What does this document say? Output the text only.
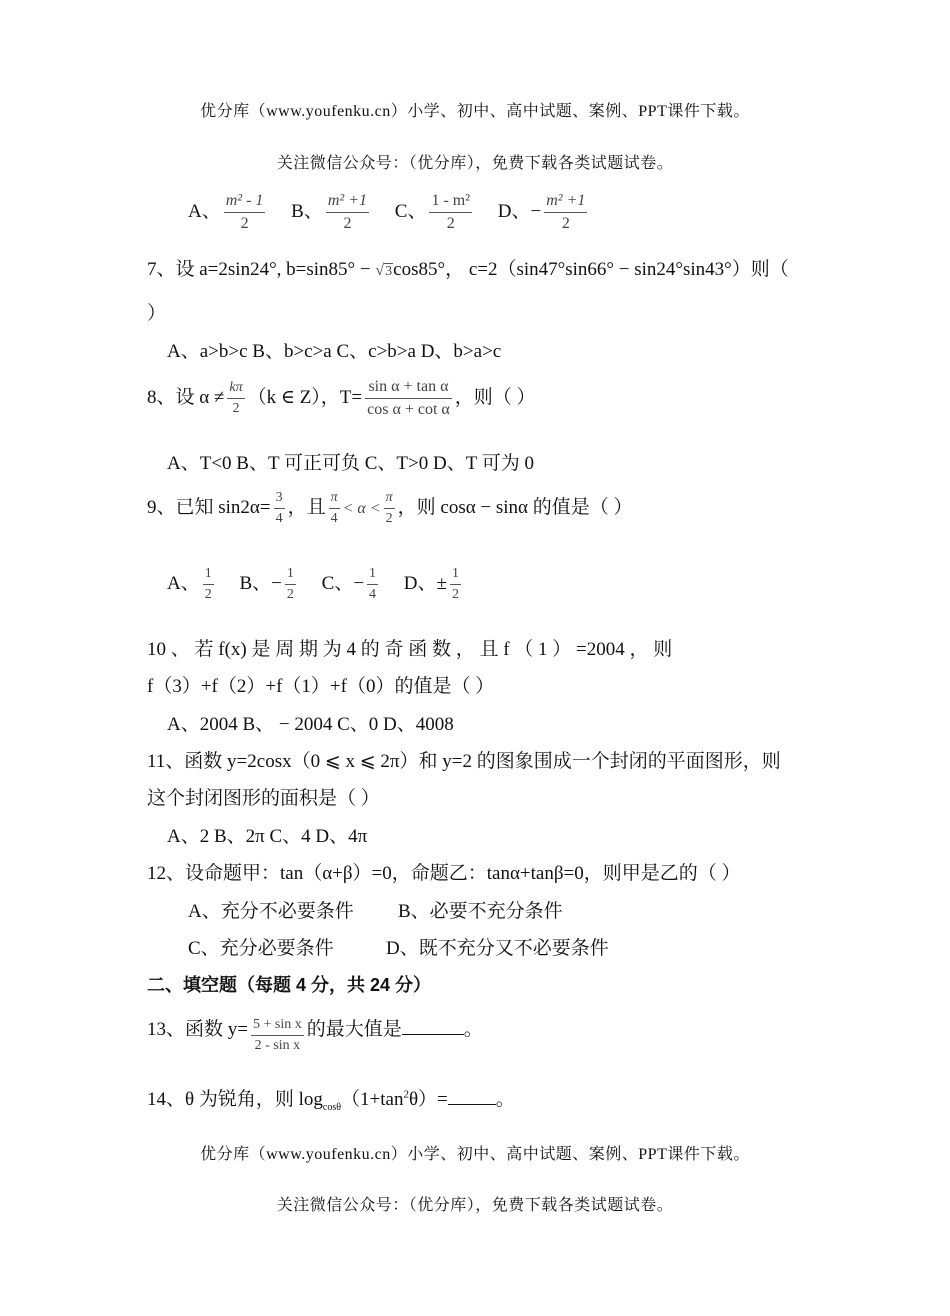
优分库（www.youfenku.cn）小学、初中、高中试题、案例、PPT课件下载。
关注微信公众号：（优分库），免费下载各类试题试卷。
A、 $\frac{\text{m² - 1}}{2}$ B、 $\frac{\text{m² +1}}{2}$ C、 $\frac{\text{1 - m²}}{2}$ D、− $\frac{\text{m² +1}}{2}$
7、设 a=2sin24°, b=sin85° − √3cos85°， c=2（sin47°sin66° − sin24°sin43°）则（
）
A、a>b>c B、b>c>a C、c>b>a D、b>a>c
8、设 $\alpha \ne \frac{k\pi}{2} (k$ ∈ Z），$T= \frac{\text{sin α + tan α}}{\text{cos α + cot α}}$ ，则（ ）
A、T<0 B、T 可正可负 C、T>0 D、T 可为 0
9、已知 $\sin 2\alpha= \frac{3}{4}$ ，且 $\frac{\pi}{4} < \alpha < \frac{\pi}{2}$ ，则 cosα − sinα 的值是（ ）
A、 $\frac{1}{2}$ B、− $\frac{1}{2}$ C、− $\frac{1}{4}$ D、± $\frac{1}{2}$
10 、 若 f(x) 是 周 期 为 4 的 奇 函 数 ， 且 f （ 1 ） =2004 ， 则
f（3）+f（2）+f（1）+f（0）的值是（ ）
A、2004 B、 − 2004 C、0 D、4008
11、函数 y=2cosx（0 ⩽ x ⩽ 2π）和 y=2 的图象围成一个封闭的平面图形，则
这个封闭图形的面积是（ ）
A、2 B、2π C、4 D、4π
12、设命题甲：tan（α+β）=0，命题乙：tanα+tanβ=0，则甲是乙的（ ）
A、充分不必要条件 B、必要不充分条件
C、充分必要条件	D、既不充分又不必要条件
二、填空题（每题 4 分，共 24 分）
13、函数 $y= \frac{\text{5 + sin x}}{\text{2 - sin x}}$ 的最大值是	。
14、θ 为锐角，则 $\log_{cos\theta}(1+\tan^2\theta)=$	。
优分库（www.youfenku.cn）小学、初中、高中试题、案例、PPT课件下载。
关注微信公众号：（优分库），免费下载各类试题试卷。
